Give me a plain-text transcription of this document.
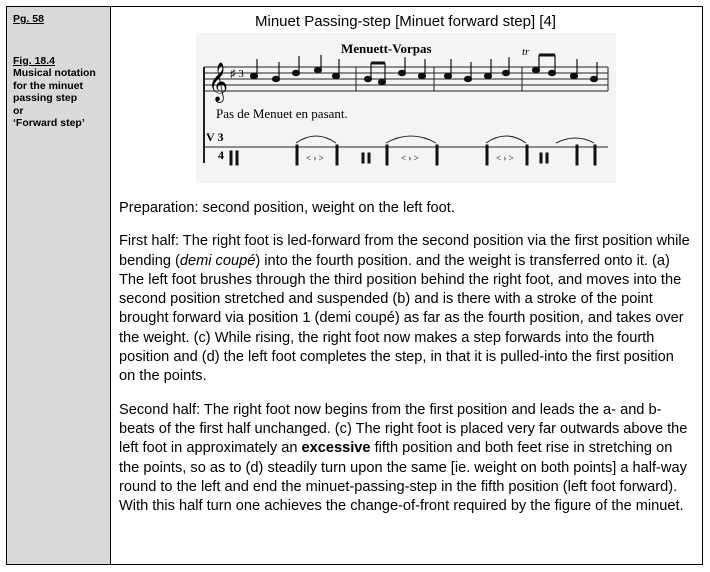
Pg. 58
Fig. 18.4
Musical notation
for the minuet
passing step
or
‘Forward step’
Minuet Passing-step [Minuet forward step] [4]
Menuett-Vorpas
𝄞 ♯ 3
tr
Pas de Menuet en pasant.
V 3
4	< › >	< › >	< › >

Preparation: second position, weight on the left foot.

First half: The right foot is led-forward from the second position via the first position while bending (demi coupé) into the fourth position. and the weight is transferred onto it. (a) The left foot brushes through the third position behind the right foot, and moves into the second position stretched and suspended (b) and is there with a stroke of the point brought forward via position 1 (demi coupé) as far as the fourth position, and takes over the weight. (c) While rising, the right foot now makes a step forwards into the fourth position and (d) the left foot completes the step, in that it is pulled-into the first position on the points.

Second half: The right foot now begins from the first position and leads the a- and b- beats of the first half unchanged. (c) The right foot is placed very far outwards above the left foot in approximately an excessive fifth position and both feet rise in stretching on the points, so as to (d) steadily turn upon the same [ie. weight on both points] a half-way round to the left and end the minuet-passing-step in the fifth position (left foot forward). With this half turn one achieves the change-of-front required by the figure of the minuet.
